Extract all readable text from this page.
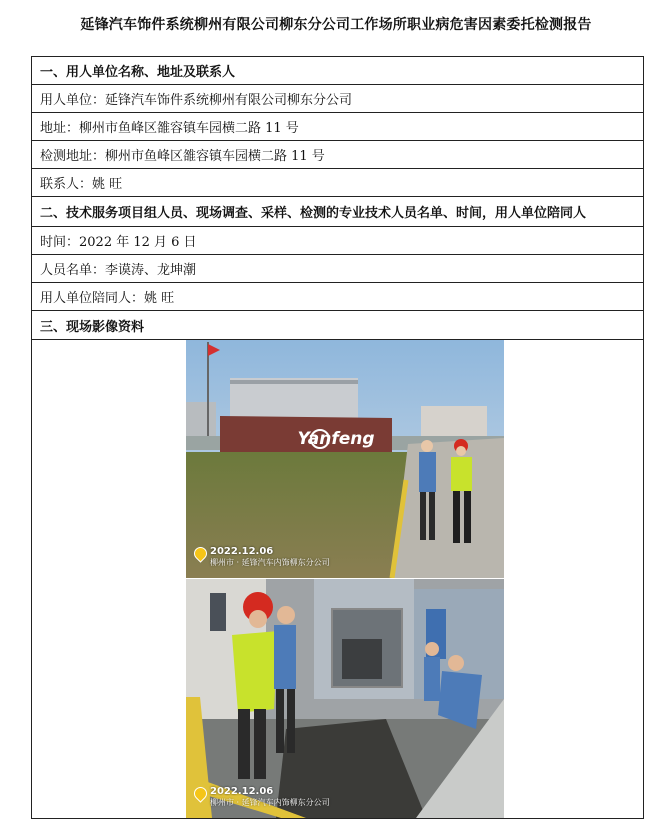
延锋汽车饰件系统柳州有限公司柳东分公司工作场所职业病危害因素委托检测报告
一、用人单位名称、地址及联系人
用人单位：延锋汽车饰件系统柳州有限公司柳东分公司
地址：柳州市鱼峰区雒容镇车园横二路 11 号
检测地址：柳州市鱼峰区雒容镇车园横二路 11 号
联系人：姚 旺
二、技术服务项目组人员、现场调查、采样、检测的专业技术人员名单、时间，用人单位陪同人
时间：2022 年 12 月 6 日
人员名单：李谟涛、龙坤潮
用人单位陪同人：姚 旺
三、现场影像资料
Yanfeng
2022.12.06
柳州市 · 延锋汽车内饰柳东分公司
2022.12.06
柳州市 · 延锋汽车内饰柳东分公司
